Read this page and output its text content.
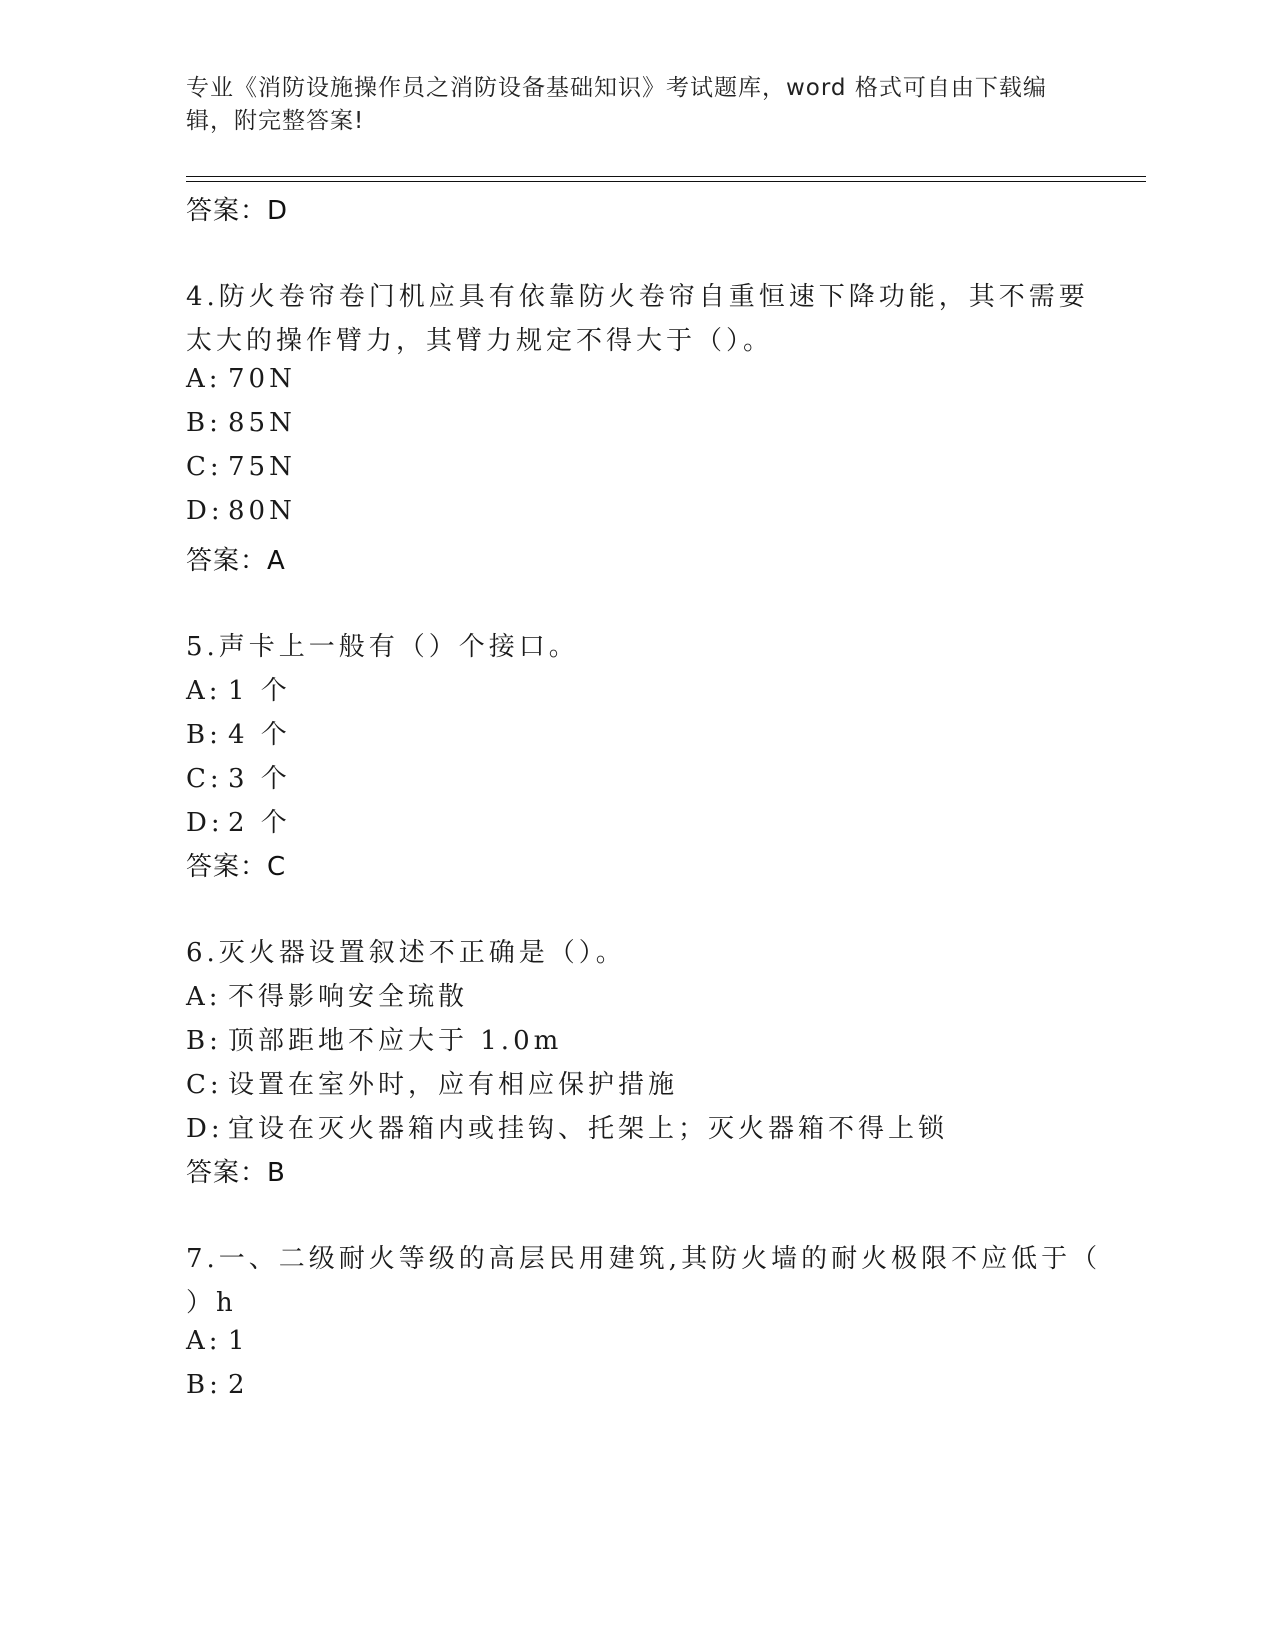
专业《消防设施操作员之消防设备基础知识》考试题库，word 格式可自由下载编
辑，附完整答案!
答案：D
4.防火卷帘卷门机应具有依靠防火卷帘自重恒速下降功能，其不需要
太大的操作臂力，其臂力规定不得大于（）。
A: 70N
B: 85N
C: 75N
D: 80N
答案：A
5.声卡上一般有（）个接口。
A: 1 个
B: 4 个
C: 3 个
D: 2 个
答案：C
6.灭火器设置叙述不正确是（）。
A: 不得影响安全琉散
B: 顶部距地不应大于 1.0m
C: 设置在室外时，应有相应保护措施
D: 宜设在灭火器箱内或挂钩、托架上；灭火器箱不得上锁
答案：B
7.一、二级耐火等级的高层民用建筑,其防火墙的耐火极限不应低于（
）h
A: 1
B: 2
